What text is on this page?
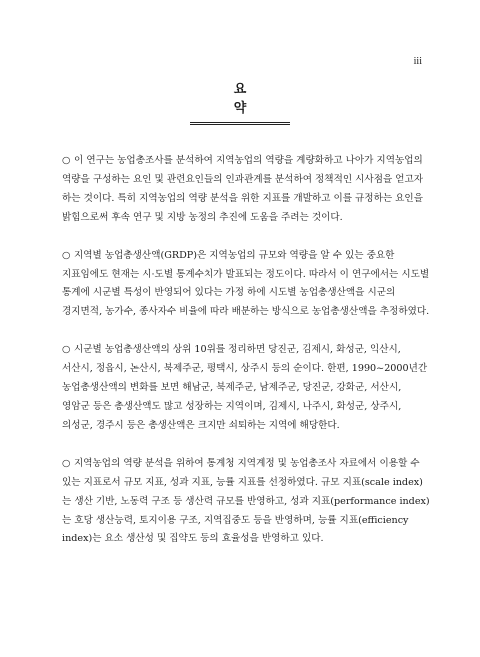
iii
요 약

○ 이 연구는 농업총조사를 분석하여 지역농업의 역량을 계량화하고 나아가 지역농업의 역량을 구성하는 요인 및 관련요인들의 인과관계를 분석하여 정책적인 시사점을 얻고자 하는 것이다. 특히 지역농업의 역량 분석을 위한 지표를 개발하고 이를 규정하는 요인을 밝힘으로써 후속 연구 및 지방 농정의 추진에 도움을 주려는 것이다.

○ 지역별 농업총생산액(GRDP)은 지역농업의 규모와 역량을 알 수 있는 중요한 지표임에도 현재는 시·도별 통계수치가 발표되는 정도이다. 따라서 이 연구에서는 시도별 통계에 시군별 특성이 반영되어 있다는 가정 하에 시도별 농업총생산액을 시군의 경지면적, 농가수, 종사자수 비율에 따라 배분하는 방식으로 농업총생산액을 추정하였다.

○ 시군별 농업총생산액의 상위 10위를 정리하면 당진군, 김제시, 화성군, 익산시, 서산시, 정읍시, 논산시, 북제주군, 평택시, 상주시 등의 순이다. 한편, 1990~2000년간 농업총생산액의 변화를 보면 해남군, 북제주군, 남제주군, 당진군, 강화군, 서산시, 영암군 등은 총생산액도 많고 성장하는 지역이며, 김제시, 나주시, 화성군, 상주시, 의성군, 경주시 등은 총생산액은 크지만 쇠퇴하는 지역에 해당한다.

○ 지역농업의 역량 분석을 위하여 통계청 지역계정 및 농업총조사 자료에서 이용할 수 있는 지표로서 규모 지표, 성과 지표, 능률 지표를 선정하였다. 규모 지표(scale index)는 생산 기반, 노동력 구조 등 생산력 규모를 반영하고, 성과 지표(performance index)는 호당 생산능력, 토지이용 구조, 지역집중도 등을 반영하며, 능률 지표(efficiency index)는 요소 생산성 및 집약도 등의 효율성을 반영하고 있다.
